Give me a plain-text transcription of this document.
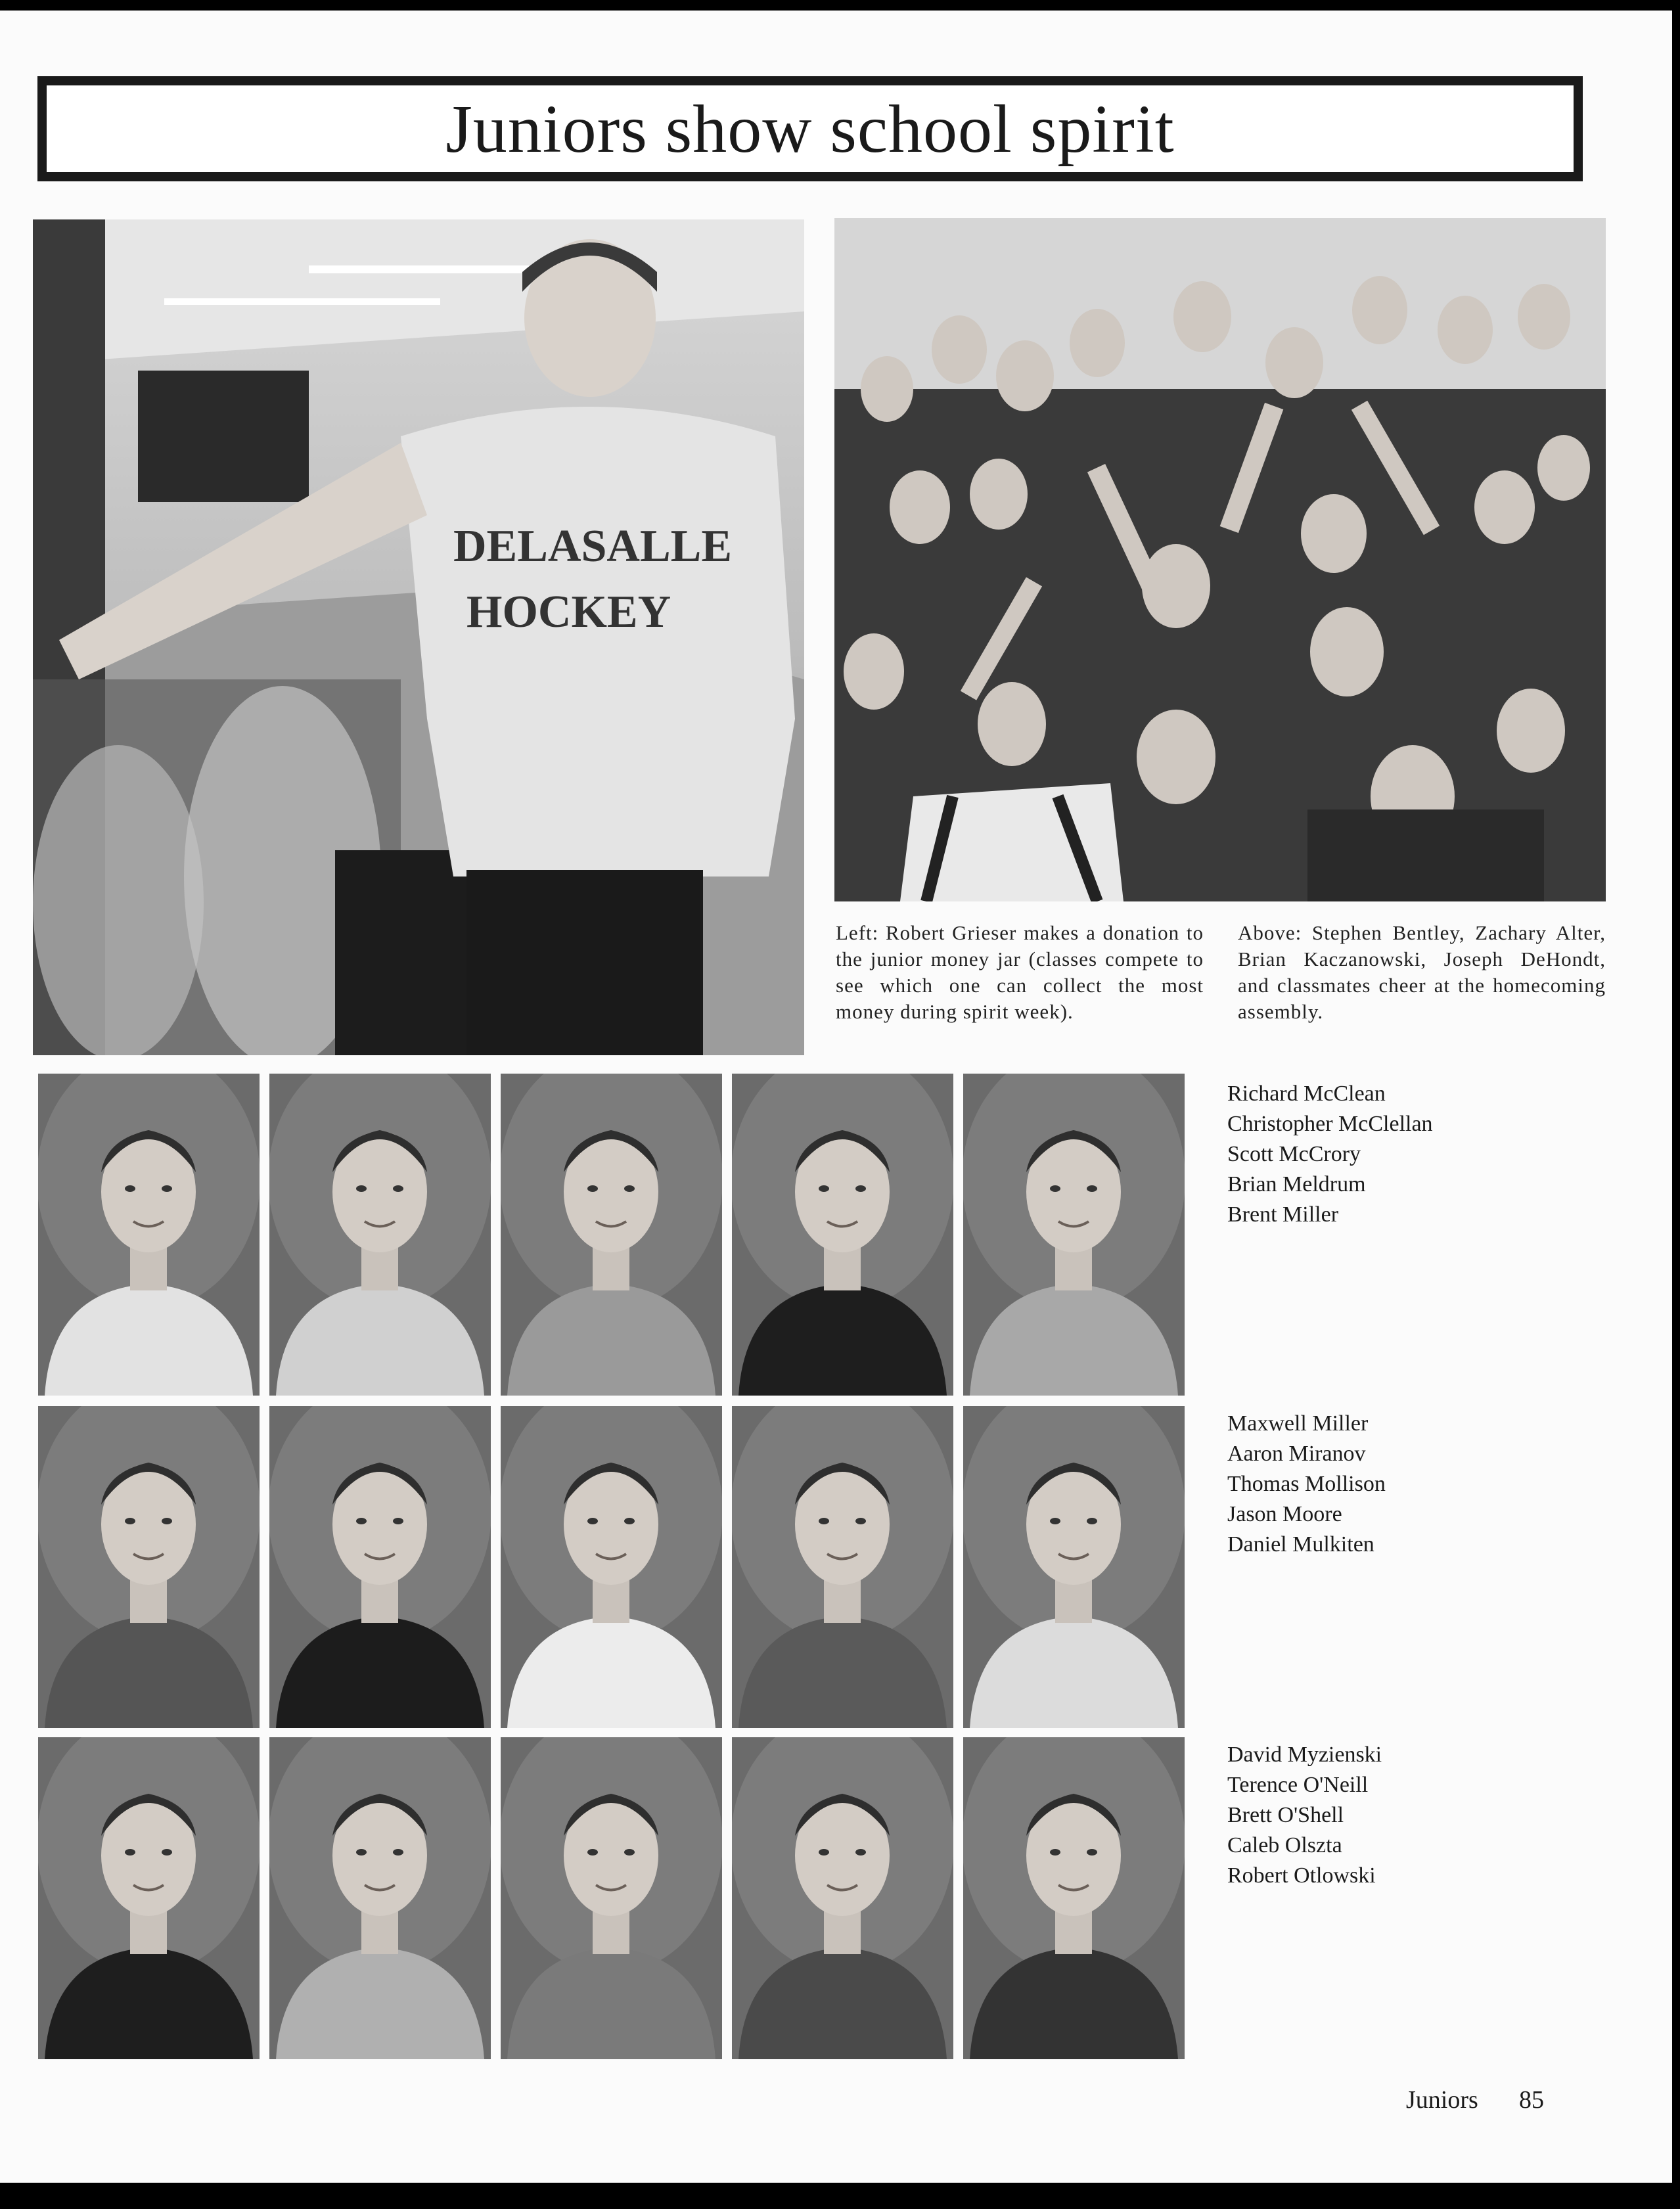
Juniors show school spirit
DELASALLE
HOCKEY
Left: Robert Grieser makes a donation to the junior money jar (classes compete to see which one can collect the most money during spirit week).
Above: Stephen Bentley, Zachary Alter, Brian Kaczanowski, Joseph DeHondt, and classmates cheer at the homecoming assembly.
Richard McClean
Christopher McClellan
Scott McCrory
Brian Meldrum
Brent Miller
Maxwell Miller
Aaron Miranov
Thomas Mollison
Jason Moore
Daniel Mulkiten
David Myzienski
Terence O'Neill
Brett O'Shell
Caleb Olszta
Robert Otlowski
Juniors 85
